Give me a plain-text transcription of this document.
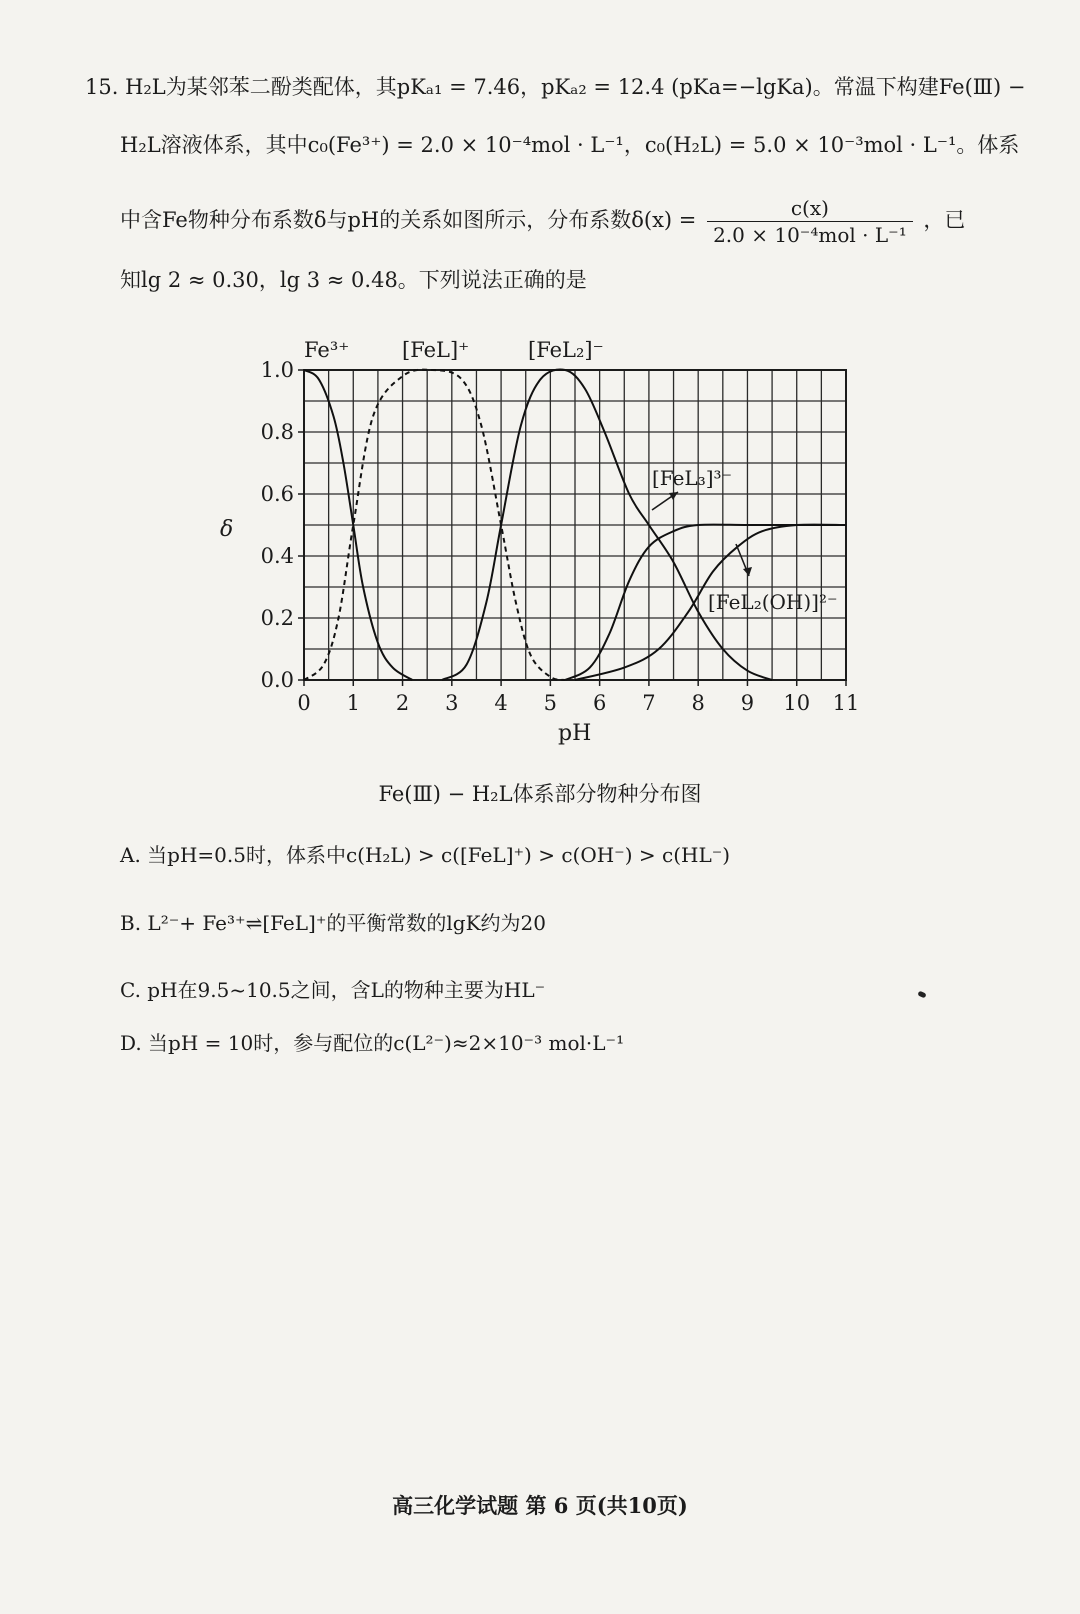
15. H₂L为某邻苯二酚类配体，其pKₐ₁ = 7.46，pKₐ₂ = 12.4 (pKa=−lgKa)。常温下构建Fe(Ⅲ) −
H₂L溶液体系，其中c₀(Fe³⁺) = 2.0 × 10⁻⁴mol · L⁻¹，c₀(H₂L) = 5.0 × 10⁻³mol · L⁻¹。体系
中含Fe物种分布系数δ与pH的关系如图所示，分布系数$\delta(x) = \frac{c(x)}{\text{2.0 × 10⁻⁴mol · L⁻¹}}$ ，已
知lg 2 ≈ 0.30，lg 3 ≈ 0.48。下列说法正确的是
0 1 2 3 4 5 6 7 8 9 10 11
0.0
0.2
0.4
0.6
0.8
1.0
Fe³⁺	[FeL]⁺	[FeL₂]⁻
[FeL₃]³⁻
[FeL₂(OH)]²⁻
δ
pH
Fe(Ⅲ) − H₂L体系部分物种分布图
A. 当pH=0.5时，体系中c(H₂L) > c([FeL]⁺) > c(OH⁻) > c(HL⁻)
B. L²⁻+ Fe³⁺⇌[FeL]⁺的平衡常数的lgK约为20
C. pH在9.5~10.5之间，含L的物种主要为HL⁻
D. 当pH = 10时，参与配位的c(L²⁻)≈2×10⁻³ mol·L⁻¹
高三化学试题 第 6 页(共10页)
